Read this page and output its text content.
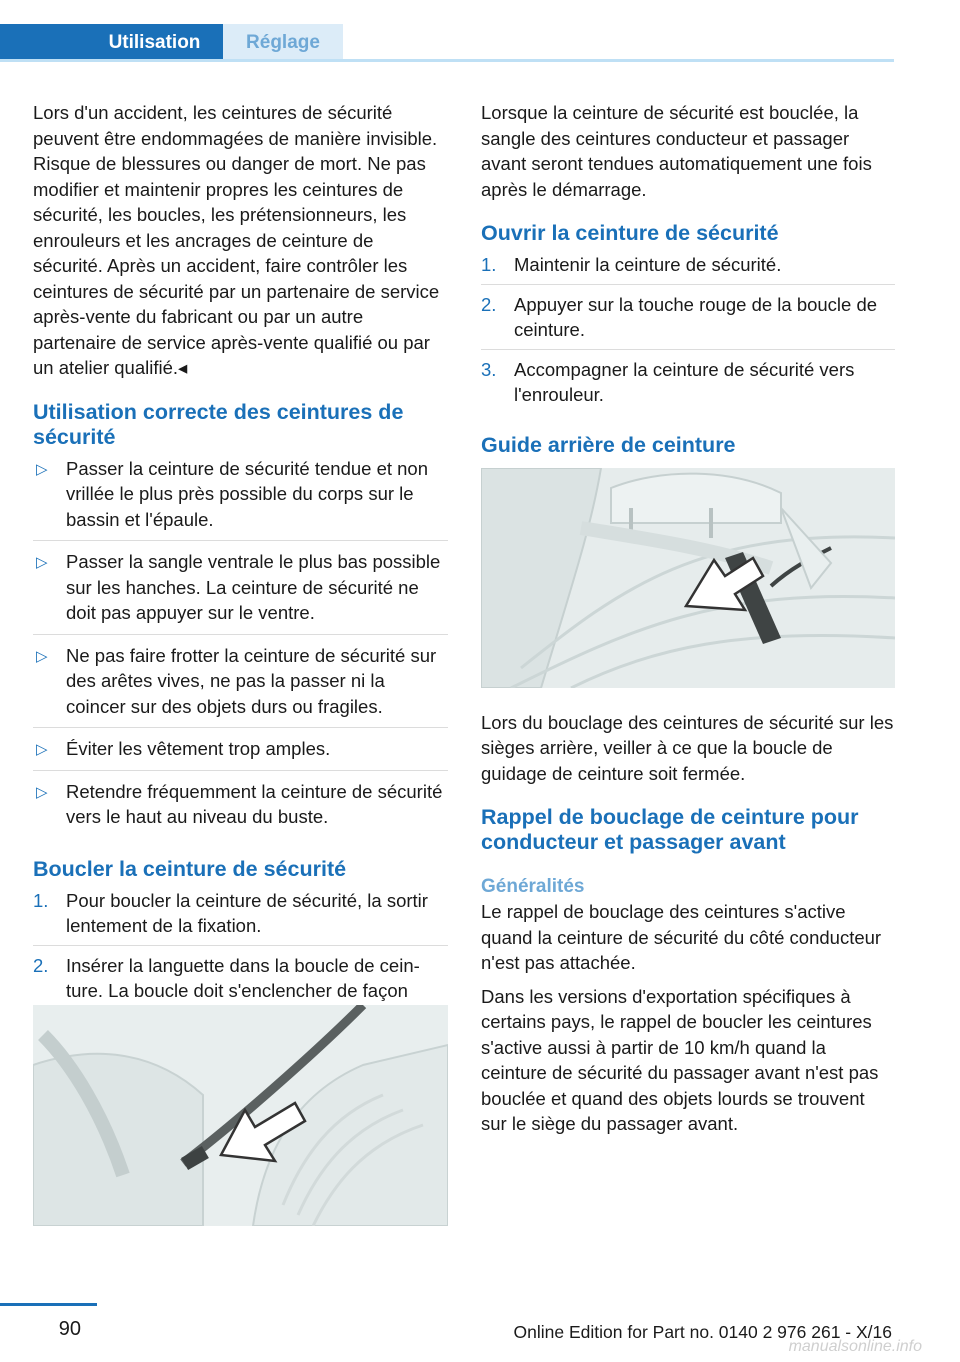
Utilisation	Réglage

Lors d'un accident, les ceintures de sécurité peuvent être endommagées de manière invisible. Risque de blessures ou danger de mort. Ne pas modifier et maintenir propres les ceintures de sécurité, les boucles, les prétensionneurs, les enrouleurs et les ancrages de ceinture de sécurité. Après un accident, faire contrôler les ceintures de sécurité par un partenaire de service après-vente du fabricant ou par un autre partenaire de service après-vente qualifié ou par un atelier qualifié.◂

Utilisation correcte des ceintures de sécurité
▷ Passer la ceinture de sécurité tendue et non vrillée le plus près possible du corps sur le bassin et l'épaule.
▷ Passer la sangle ventrale le plus bas possible sur les hanches. La ceinture de sécurité ne doit pas appuyer sur le ventre.
▷ Ne pas faire frotter la ceinture de sécurité sur des arêtes vives, ne pas la passer ni la coincer sur des objets durs ou fragiles.
▷ Éviter les vêtement trop amples.
▷ Retendre fréquemment la ceinture de sécurité vers le haut au niveau du buste.
Boucler la ceinture de sécurité
1. Pour boucler la ceinture de sécurité, la sortir lentement de la fixation.
2. Insérer la languette dans la boucle de ceinture. La boucle doit s'enclencher de façon

Lorsque la ceinture de sécurité est bouclée, la sangle des ceintures conducteur et passager avant seront tendues automatiquement une fois après le démarrage.

Ouvrir la ceinture de sécurité
1. Maintenir la ceinture de sécurité.
2. Appuyer sur la touche rouge de la boucle de ceinture.
3. Accompagner la ceinture de sécurité vers l'enrouleur.
Guide arrière de ceinture

Lors du bouclage des ceintures de sécurité sur les sièges arrière, veiller à ce que la boucle de guidage de ceinture soit fermée.

Rappel de bouclage de ceinture pour conducteur et passager avant
Généralités

Le rappel de bouclage des ceintures s'active quand la ceinture de sécurité du côté conducteur n'est pas attachée.

Dans les versions d'exportation spécifiques à certains pays, le rappel de boucler les ceintures s'active aussi à partir de 10 km/h quand la ceinture de sécurité du passager avant n'est pas bouclée et quand des objets lourds se trouvent sur le siège du passager avant.

90	Online Edition for Part no. 0140 2 976 261 - X/16
manualsonline.info
